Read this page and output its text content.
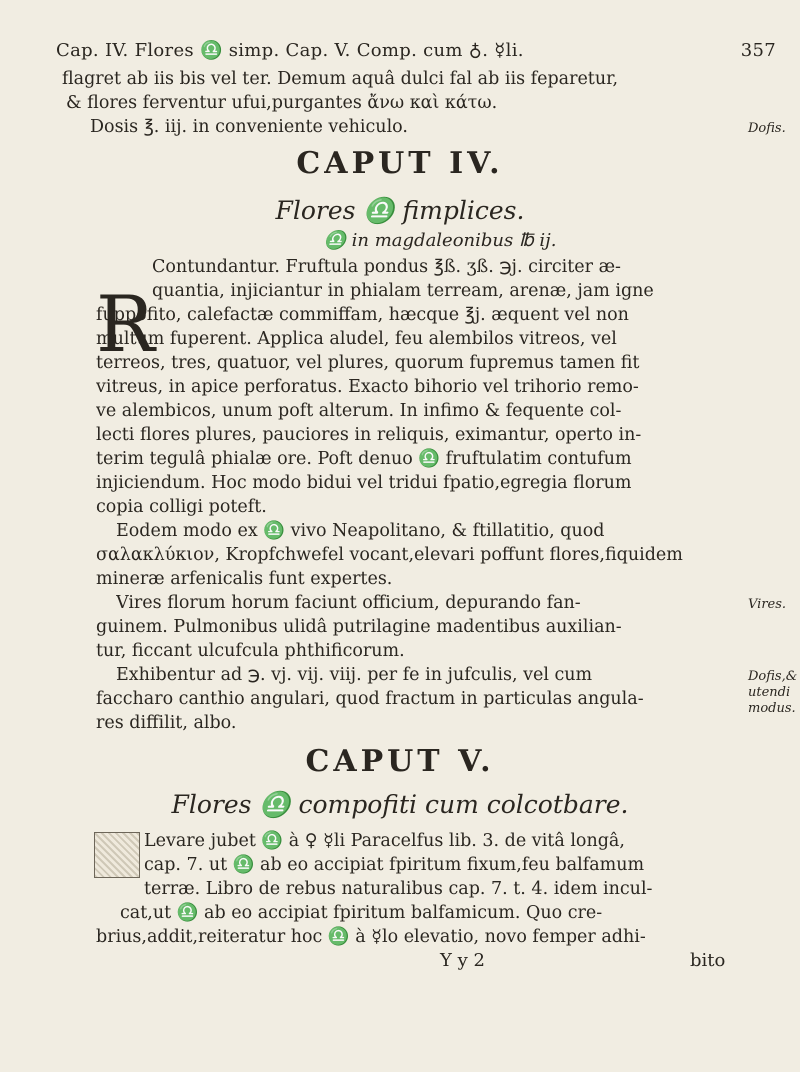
Cap. IV. Flores ♎ simp. Cap. V. Comp. cum ♁. ☿li.	357
flagret ab iis bis vel ter. Demum aquâ dulci fal ab iis feparetur,
& flores ferventur ufui,purgantes ἄνω καὶ κάτω.
Dosis ℥. iij. in conveniente vehiculo.	Dofis.
CAPUT IV.
Flores ♎ fimplices.
♎ in magdaleonibus ℔ ij.
R
Contundantur. Fruftula pondus ℥ß. ʒß. ℈j. circiter æ-
quantia, injiciantur in phialam terream, arenæ, jam igne
fuppofito, calefactæ commiffam, hæcque ℥j. æquent vel non
multum fuperent. Applica aludel, feu alembilos vitreos, vel
terreos, tres, quatuor, vel plures, quorum fupremus tamen fit
vitreus, in apice perforatus. Exacto bihorio vel trihorio remo-
ve alembicos, unum poft alterum. In infimo & fequente col-
lecti flores plures, pauciores in reliquis, eximantur, operto in-
terim tegulâ phialæ ore. Poft denuo ♎ fruftulatim contufum
injiciendum. Hoc modo bidui vel tridui fpatio,egregia florum
copia colligi poteft.
Eodem modo ex ♎ vivo Neapolitano, & ftillatitio, quod
σαλακλύκιον, Kropfchwefel vocant,elevari poffunt flores,fiquidem
mineræ arfenicalis funt expertes.
Vires florum horum faciunt officium, depurando fan-	Vires.
guinem. Pulmonibus ulidâ putrilagine madentibus auxilian-
tur, ficcant ulcufcula phthificorum.
Exhibentur ad ℈. vj. vij. viij. per fe in jufculis, vel cum	Dofis,&
faccharo canthio angulari, quod fractum in particulas angula-	utendi
res diffilit, albo.
modus.
CAPUT V.
Flores ♎ compofiti cum colcotbare.
Levare jubet ♎ à ♀ ☿li Paracelfus lib. 3. de vitâ longâ,
cap. 7. ut ♎ ab eo accipiat fpiritum fixum,feu balfamum
terræ. Libro de rebus naturalibus cap. 7. t. 4. idem incul-
cat,ut ♎ ab eo accipiat fpiritum balfamicum. Quo cre-
brius,addit,reiteratur hoc ♎ à ☿lo elevatio, novo femper adhi-
Y y 2	bito
